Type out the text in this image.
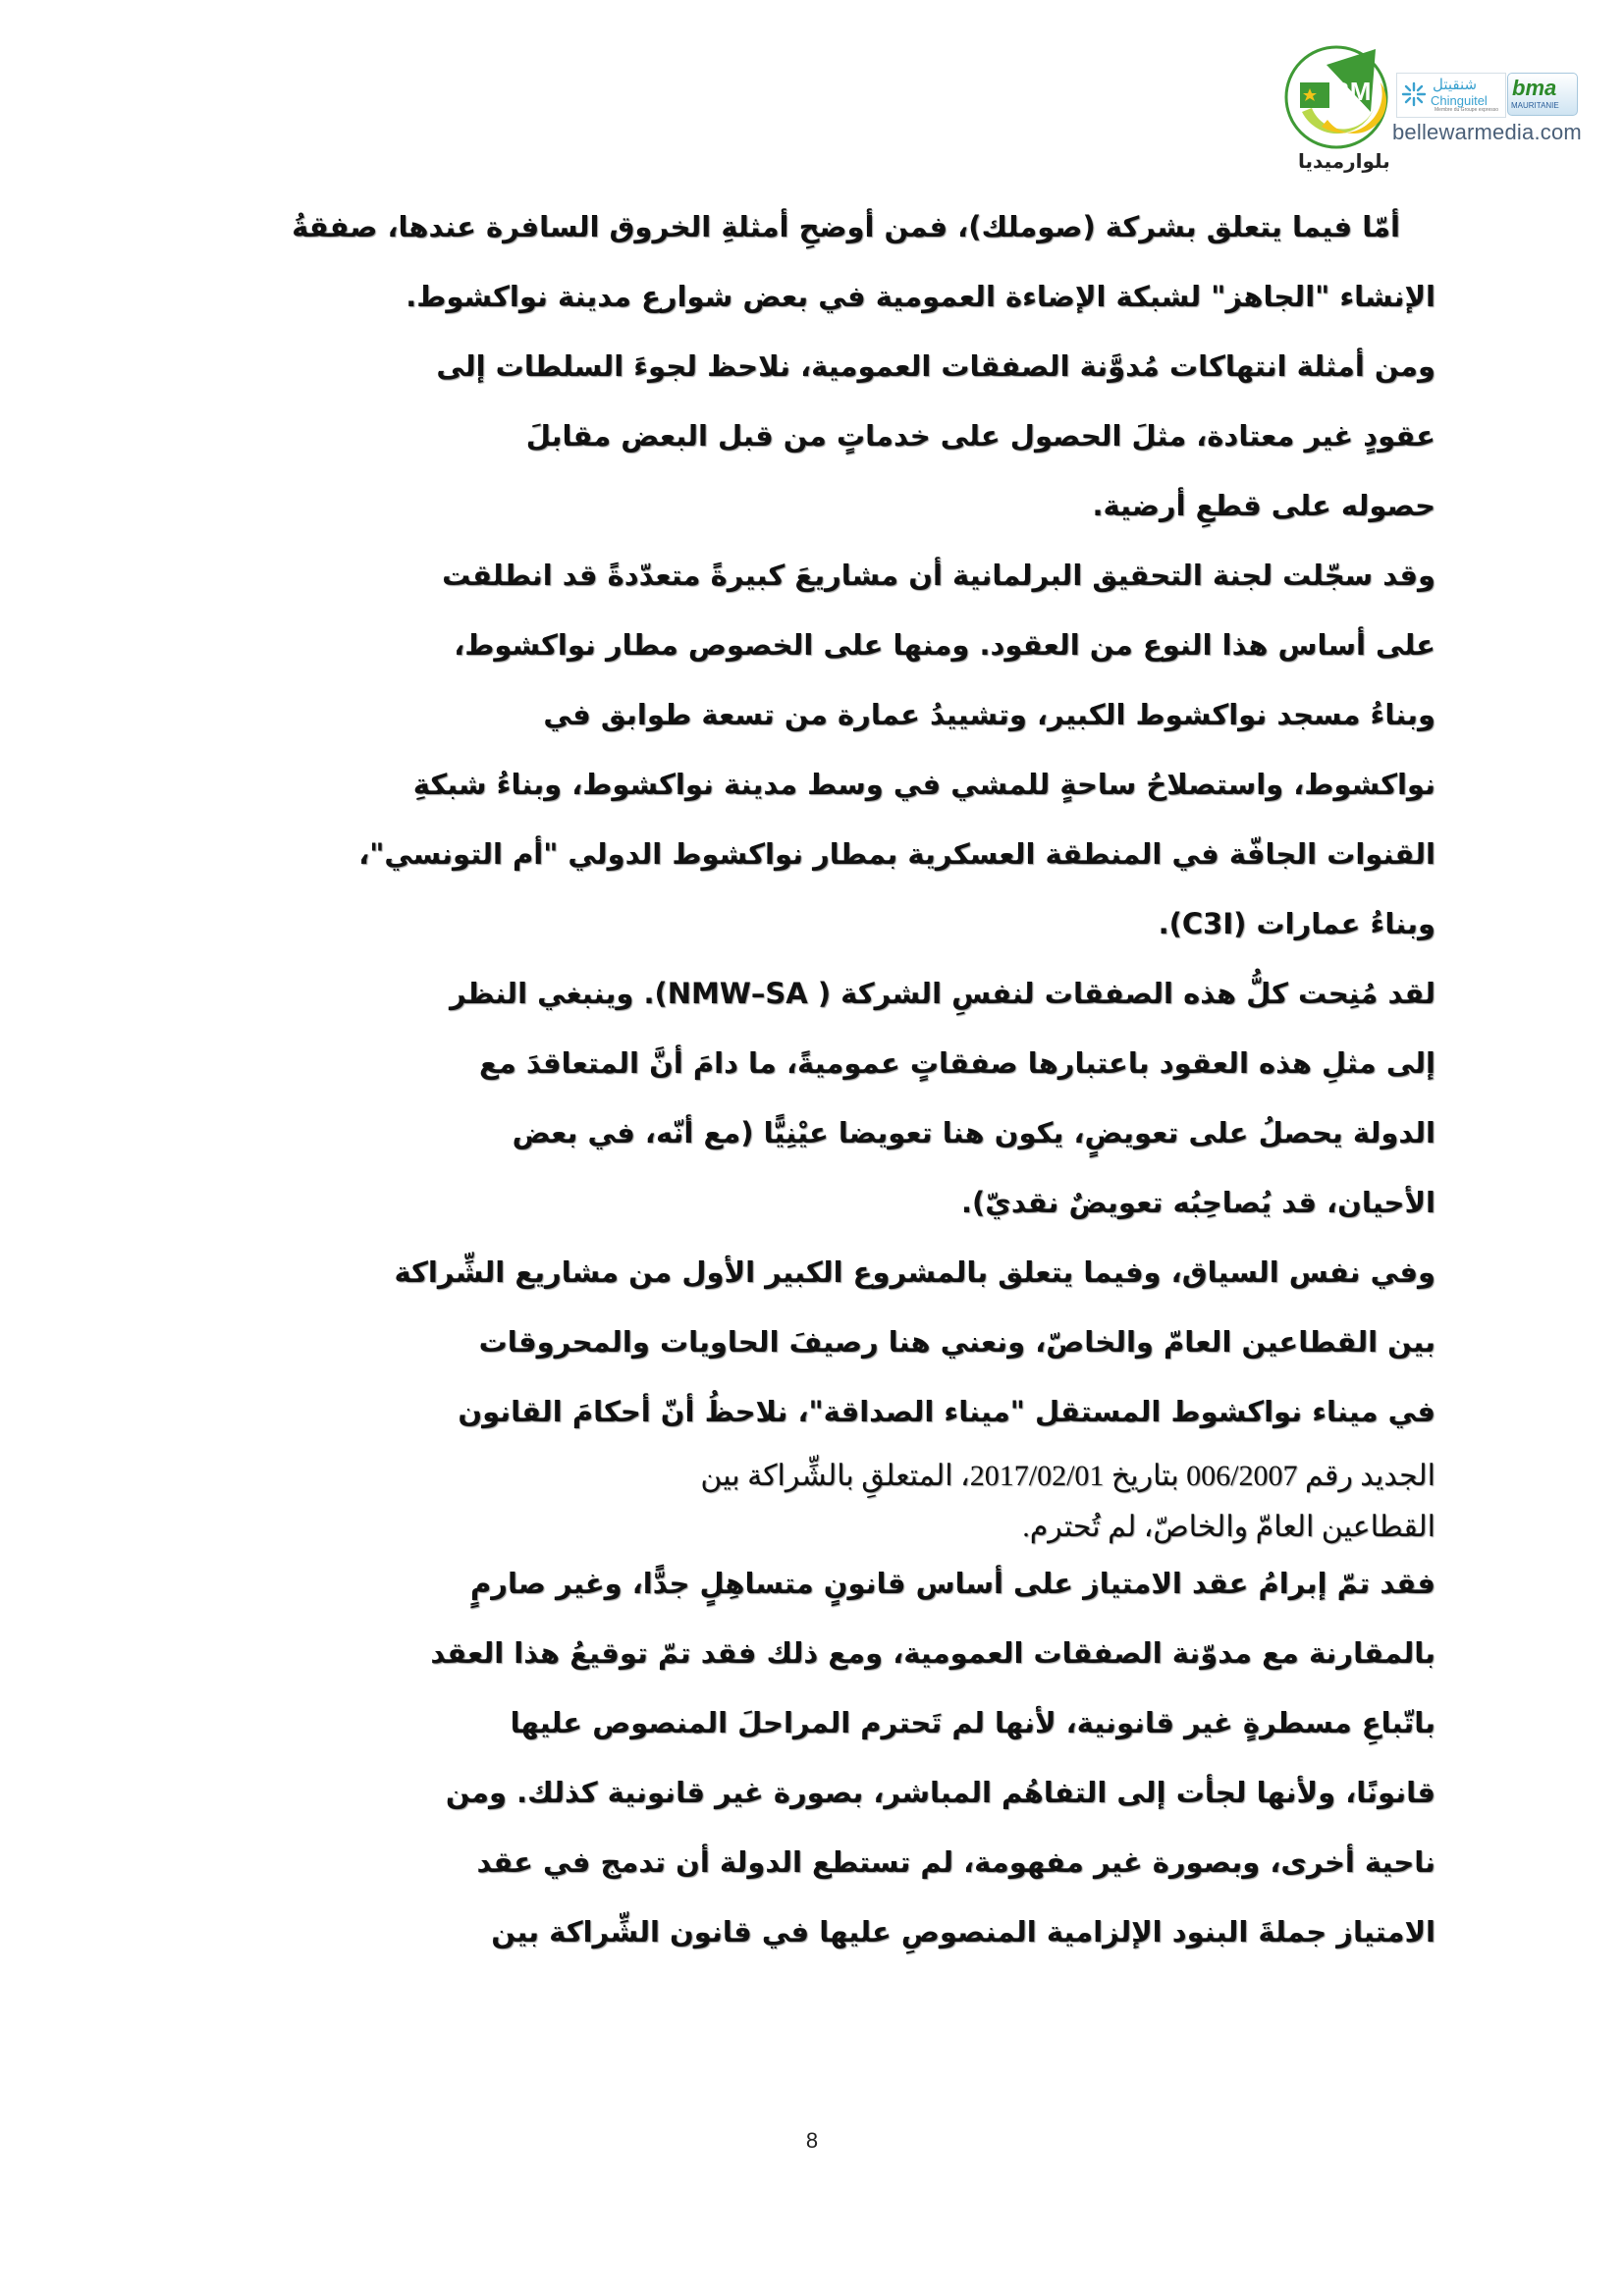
BM
بلوارميديا
شنقيتل
Chinguitel
Membre du Groupe expresso
bma
MAURITANIE
bellewarmedia.com
أمّا فيما يتعلق بشركة (صوملك)، فمن أوضحِ أمثلةِ الخروق السافرة عندها، صفقةُ
الإنشاء "الجاهز" لشبكة الإضاءة العمومية في بعض شوارع مدينة نواكشوط.
ومن أمثلة انتهاكات مُدوَّنة الصفقات العمومية، نلاحظ لجوءَ السلطات إلى
عقودٍ غير معتادة، مثلَ الحصول على خدماتٍ من قبل البعض مقابلَ
حصوله على قطعِ أرضية.
وقد سجّلت لجنة التحقيق البرلمانية أن مشاريعَ كبيرةً متعدّدةً قد انطلقت
على أساس هذا النوع من العقود. ومنها على الخصوص مطار نواكشوط،
وبناءُ مسجد نواكشوط الكبير، وتشييدُ عمارة من تسعة طوابق في
نواكشوط، واستصلاحُ ساحةٍ للمشي في وسط مدينة نواكشوط، وبناءُ شبكةِ
القنوات الجافّة في المنطقة العسكرية بمطار نواكشوط الدولي "أم التونسي"،
وبناءُ عمارات (C3I).
لقد مُنِحت كلُّ هذه الصفقات لنفسِ الشركة ( NMW–SA). وينبغي النظر
إلى مثلِ هذه العقود باعتبارها صفقاتٍ عموميةً، ما دامَ أنَّ المتعاقدَ مع
الدولة يحصلُ على تعويضٍ، يكون هنا تعويضا عيْنِيًّا (مع أنّه، في بعض
الأحيان، قد يُصاحِبُه تعويضٌ نقديّ).
وفي نفس السياق، وفيما يتعلق بالمشروع الكبير الأول من مشاريع الشِّراكة
بين القطاعين العامّ والخاصّ، ونعني هنا رصيفَ الحاويات والمحروقات
في ميناء نواكشوط المستقل "ميناء الصداقة"، نلاحظُ أنّ أحكامَ القانون
الجديد رقم 006/2007 بتاريخ 2017/02/01، المتعلقِ بالشِّراكة بين
القطاعين العامّ والخاصّ، لم تُحترم.
فقد تمّ إبرامُ عقد الامتياز على أساس قانونٍ متساهِلٍ جدًّا، وغير صارمٍ
بالمقارنة مع مدوّنة الصفقات العمومية، ومع ذلك فقد تمّ توقيعُ هذا العقد
باتّباعِ مسطرةٍ غير قانونية، لأنها لم تَحترم المراحلَ المنصوص عليها
قانونًا، ولأنها لجأت إلى التفاهُم المباشر، بصورة غير قانونية كذلك. ومن
ناحية أخرى، وبصورة غير مفهومة، لم تستطع الدولة أن تدمج في عقد
الامتياز جملةَ البنود الإلزامية المنصوصِ عليها في قانون الشِّراكة بين
8
